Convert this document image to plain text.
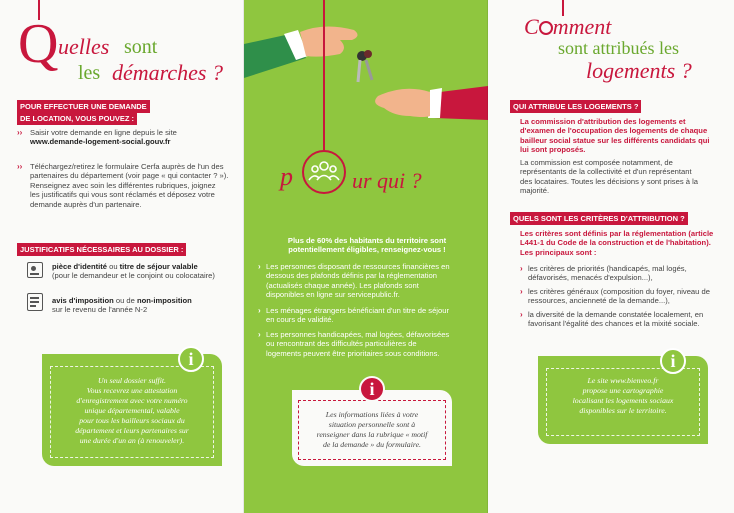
Q uelles sont
les démarches ?
POUR EFFECTUER UNE DEMANDE
DE LOCATION, VOUS POUVEZ :
›› Saisir votre demande en ligne depuis le site
www.demande-logement-social.gouv.fr
›› Téléchargez/retirez le formulaire Cerfa auprès de l'un des
partenaires du département (voir page « qui contacter ? »).
Renseignez avec soin les différentes rubriques, joignez
les justificatifs qui vous sont réclamés et déposez votre
demande auprès d'un partenaire.
JUSTIFICATIFS NÉCESSAIRES AU DOSSIER :
pièce d'identité ou titre de séjour valable
(pour le demandeur et le conjoint ou colocataire)
avis d'imposition ou de non-imposition
sur le revenu de l'année N-2
i
Un seul dossier suffit.
Vous recevrez une attestation
d'enregistrement avec votre numéro
unique départemental, valable
pour tous les bailleurs sociaux du
département et leurs partenaires sur
une durée d'un an (à renouveler).
p	ur qui ?
Plus de 60% des habitants du territoire sont
potentiellement éligibles, renseignez-vous !
› Les personnes disposant de ressources financières en
dessous des plafonds définis par la réglementation
(actualisés chaque année). Les plafonds sont
disponibles en ligne sur servicepublic.fr.
› Les ménages étrangers bénéficiant d'un titre de séjour
en cours de validité.
› Les personnes handicapées, mal logées, défavorisées
ou rencontrant des difficultés particulières de
logements peuvent être prioritaires sous conditions.
i
Les informations liées à votre
situation personnelle sont à
renseigner dans la rubrique « motif
de la demande » du formulaire.
C mment
sont attribués les
logements ?
QUI ATTRIBUE LES LOGEMENTS ?
La commission d'attribution des logements et
d'examen de l'occupation des logements de chaque
bailleur social statue sur les différents candidats qui
lui sont proposés.
La commission est composée notamment, de
représentants de la collectivité et d'un représentant
des locataires. Toutes les décisions y sont prises à la
majorité.
QUELS SONT LES CRITÈRES D'ATTRIBUTION ?
Les critères sont définis par la réglementation (article
L441-1 du Code de la construction et de l'habitation).
Les principaux sont :
› les critères de priorités (handicapés, mal logés,
défavorisés, menacés d'expulsion...),
› les critères généraux (composition du foyer, niveau de
ressources, ancienneté de la demande...),
› la diversité de la demande constatée localement, en
favorisant l'égalité des chances et la mixité sociale.
i
Le site www.bienveo.fr
propose une cartographie
localisant les logements sociaux
disponibles sur le territoire.
